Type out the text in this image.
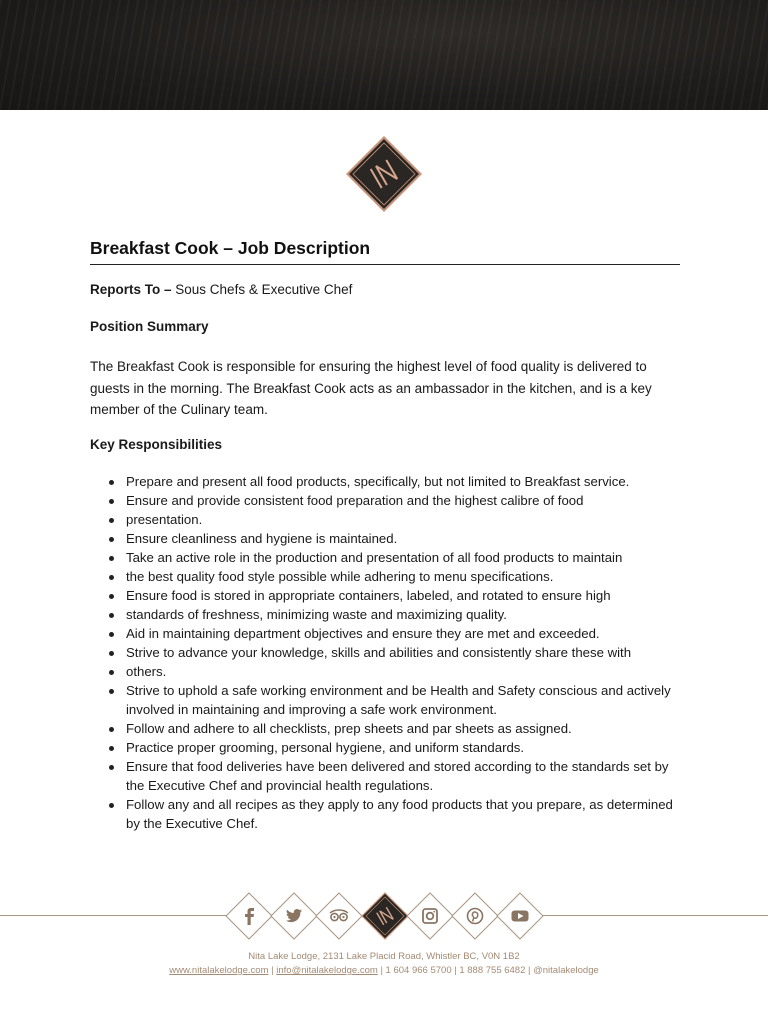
Breakfast Cook – Job Description
Reports To – Sous Chefs & Executive Chef
Position Summary
The Breakfast Cook is responsible for ensuring the highest level of food quality is delivered to guests in the morning. The Breakfast Cook acts as an ambassador in the kitchen, and is a key member of the Culinary team.
Key Responsibilities
Prepare and present all food products, specifically, but not limited to Breakfast service.
Ensure and provide consistent food preparation and the highest calibre of food
presentation.
Ensure cleanliness and hygiene is maintained.
Take an active role in the production and presentation of all food products to maintain
the best quality food style possible while adhering to menu specifications.
Ensure food is stored in appropriate containers, labeled, and rotated to ensure high
standards of freshness, minimizing waste and maximizing quality.
Aid in maintaining department objectives and ensure they are met and exceeded.
Strive to advance your knowledge, skills and abilities and consistently share these with
others.
Strive to uphold a safe working environment and be Health and Safety conscious and actively involved in maintaining and improving a safe work environment.
Follow and adhere to all checklists, prep sheets and par sheets as assigned.
Practice proper grooming, personal hygiene, and uniform standards.
Ensure that food deliveries have been delivered and stored according to the standards set by the Executive Chef and provincial health regulations.
Follow any and all recipes as they apply to any food products that you prepare, as determined by the Executive Chef.
Nita Lake Lodge, 2131 Lake Placid Road, Whistler BC, V0N 1B2
www.nitalakelodge.com | info@nitalakelodge.com | 1 604 966 5700 | 1 888 755 6482 | @nitalakelodge
